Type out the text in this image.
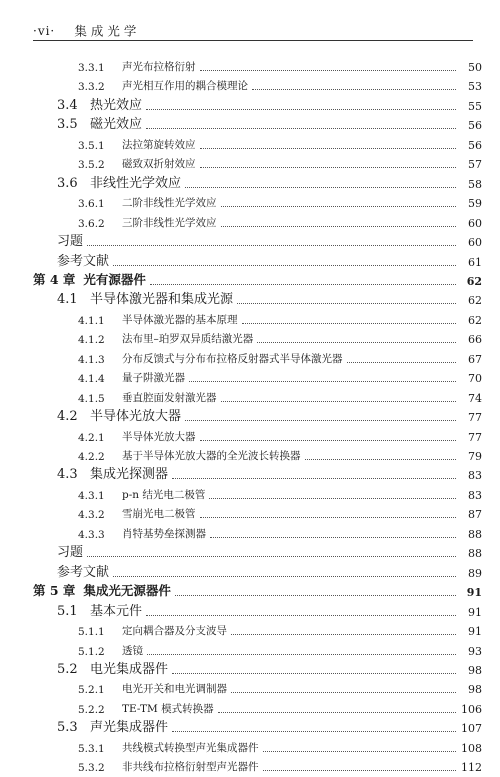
·vi· 集成光学
3.3.1	声光布拉格衍射	50
3.3.2	声光相互作用的耦合模理论	53
3.4 热光效应	55
3.5 磁光效应	56
3.5.1	法拉第旋转效应	56
3.5.2	磁致双折射效应	57
3.6 非线性光学效应	58
3.6.1	二阶非线性光学效应	59
3.6.2	三阶非线性光学效应	60
习题	60
参考文献	61
第 4 章 光有源器件	62
4.1 半导体激光器和集成光源	62
4.1.1	半导体激光器的基本原理	62
4.1.2	法布里–珀罗双异质结激光器	66
4.1.3	分布反馈式与分布布拉格反射器式半导体激光器	67
4.1.4	量子阱激光器	70
4.1.5	垂直腔面发射激光器	74
4.2 半导体光放大器	77
4.2.1	半导体光放大器	77
4.2.2	基于半导体光放大器的全光波长转换器	79
4.3 集成光探测器	83
4.3.1	p-n 结光电二极管	83
4.3.2	雪崩光电二极管	87
4.3.3	肖特基势垒探测器	88
习题	88
参考文献	89
第 5 章 集成光无源器件	91
5.1 基本元件	91
5.1.1	定向耦合器及分支波导	91
5.1.2	透镜	93
5.2 电光集成器件	98
5.2.1	电光开关和电光调制器	98
5.2.2	TE-TM 模式转换器	106
5.3 声光集成器件	107
5.3.1	共线模式转换型声光集成器件	108
5.3.2	非共线布拉格衍射型声光器件	112
